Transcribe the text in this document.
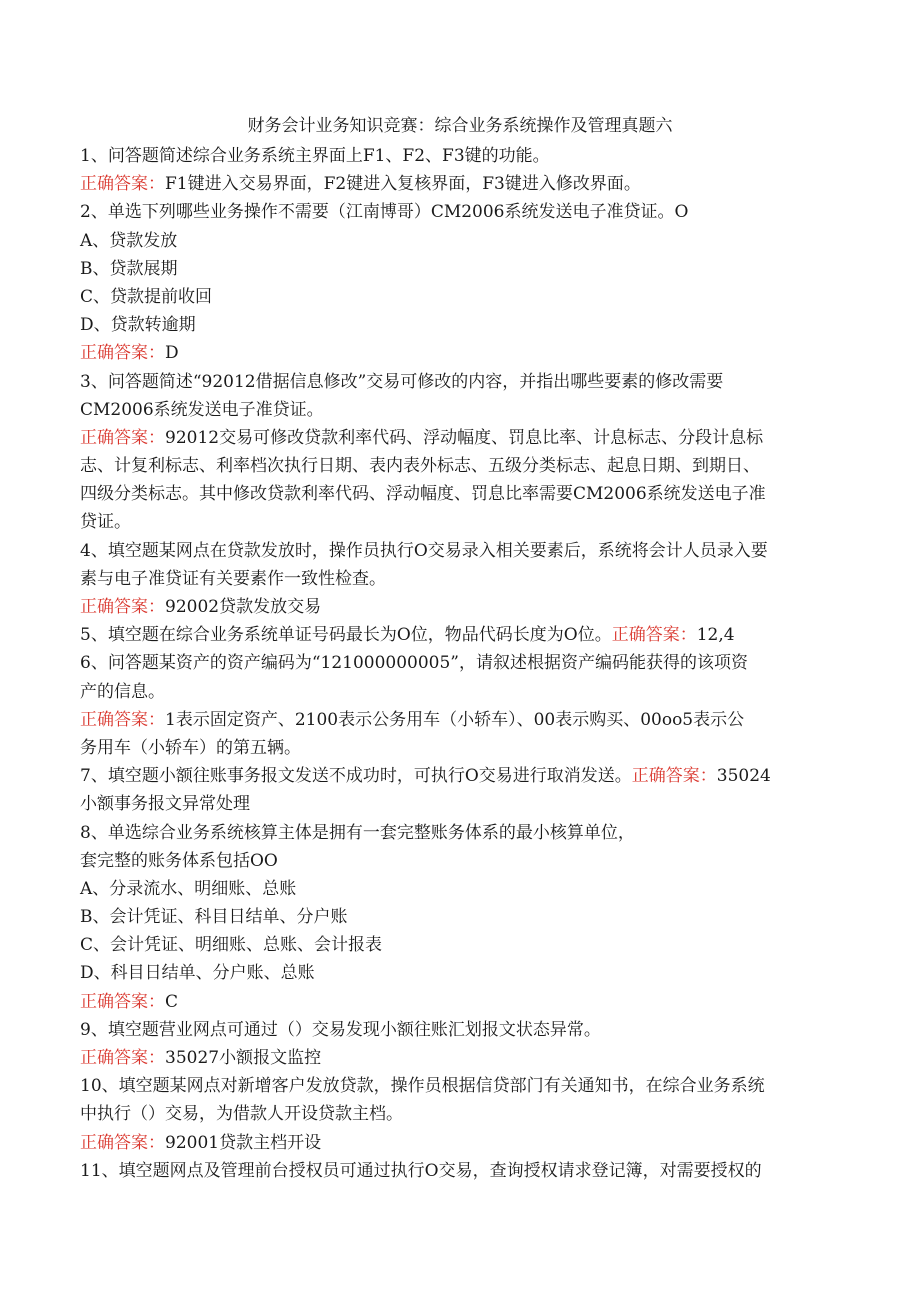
财务会计业务知识竞赛：综合业务系统操作及管理真题六
1、问答题简述综合业务系统主界面上F1、F2、F3键的功能。
正确答案：F1键进入交易界面，F2键进入复核界面，F3键进入修改界面。
2、单选下列哪些业务操作不需要（江南博哥）CM2006系统发送电子准贷证。O
A、贷款发放
B、贷款展期
C、贷款提前收回
D、贷款转逾期
正确答案：D
3、问答题简述“92012借据信息修改”交易可修改的内容，并指出哪些要素的修改需要
CM2006系统发送电子准贷证。
正确答案：92012交易可修改贷款利率代码、浮动幅度、罚息比率、计息标志、分段计息标
志、计复利标志、利率档次执行日期、表内表外标志、五级分类标志、起息日期、到期日、
四级分类标志。其中修改贷款利率代码、浮动幅度、罚息比率需要CM2006系统发送电子准
贷证。
4、填空题某网点在贷款发放时，操作员执行O交易录入相关要素后，系统将会计人员录入要
素与电子准贷证有关要素作一致性检查。
正确答案：92002贷款发放交易
5、填空题在综合业务系统单证号码最长为O位，物品代码长度为O位。正确答案：12,4
6、问答题某资产的资产编码为“121000000005”，请叙述根据资产编码能获得的该项资
产的信息。
正确答案：1表示固定资产、2100表示公务用车（小轿车）、00表示购买、00oo5表示公
务用车（小轿车）的第五辆。
7、填空题小额往账事务报文发送不成功时，可执行O交易进行取消发送。正确答案：35024
小额事务报文异常处理
8、单选综合业务系统核算主体是拥有一套完整账务体系的最小核算单位，
套完整的账务体系包括OO
A、分录流水、明细账、总账
B、会计凭证、科目日结单、分户账
C、会计凭证、明细账、总账、会计报表
D、科目日结单、分户账、总账
正确答案：C
9、填空题营业网点可通过（）交易发现小额往账汇划报文状态异常。
正确答案：35027小额报文监控
10、填空题某网点对新增客户发放贷款，操作员根据信贷部门有关通知书，在综合业务系统
中执行（）交易，为借款人开设贷款主档。
正确答案：92001贷款主档开设
11、填空题网点及管理前台授权员可通过执行O交易，查询授权请求登记簿，对需要授权的
